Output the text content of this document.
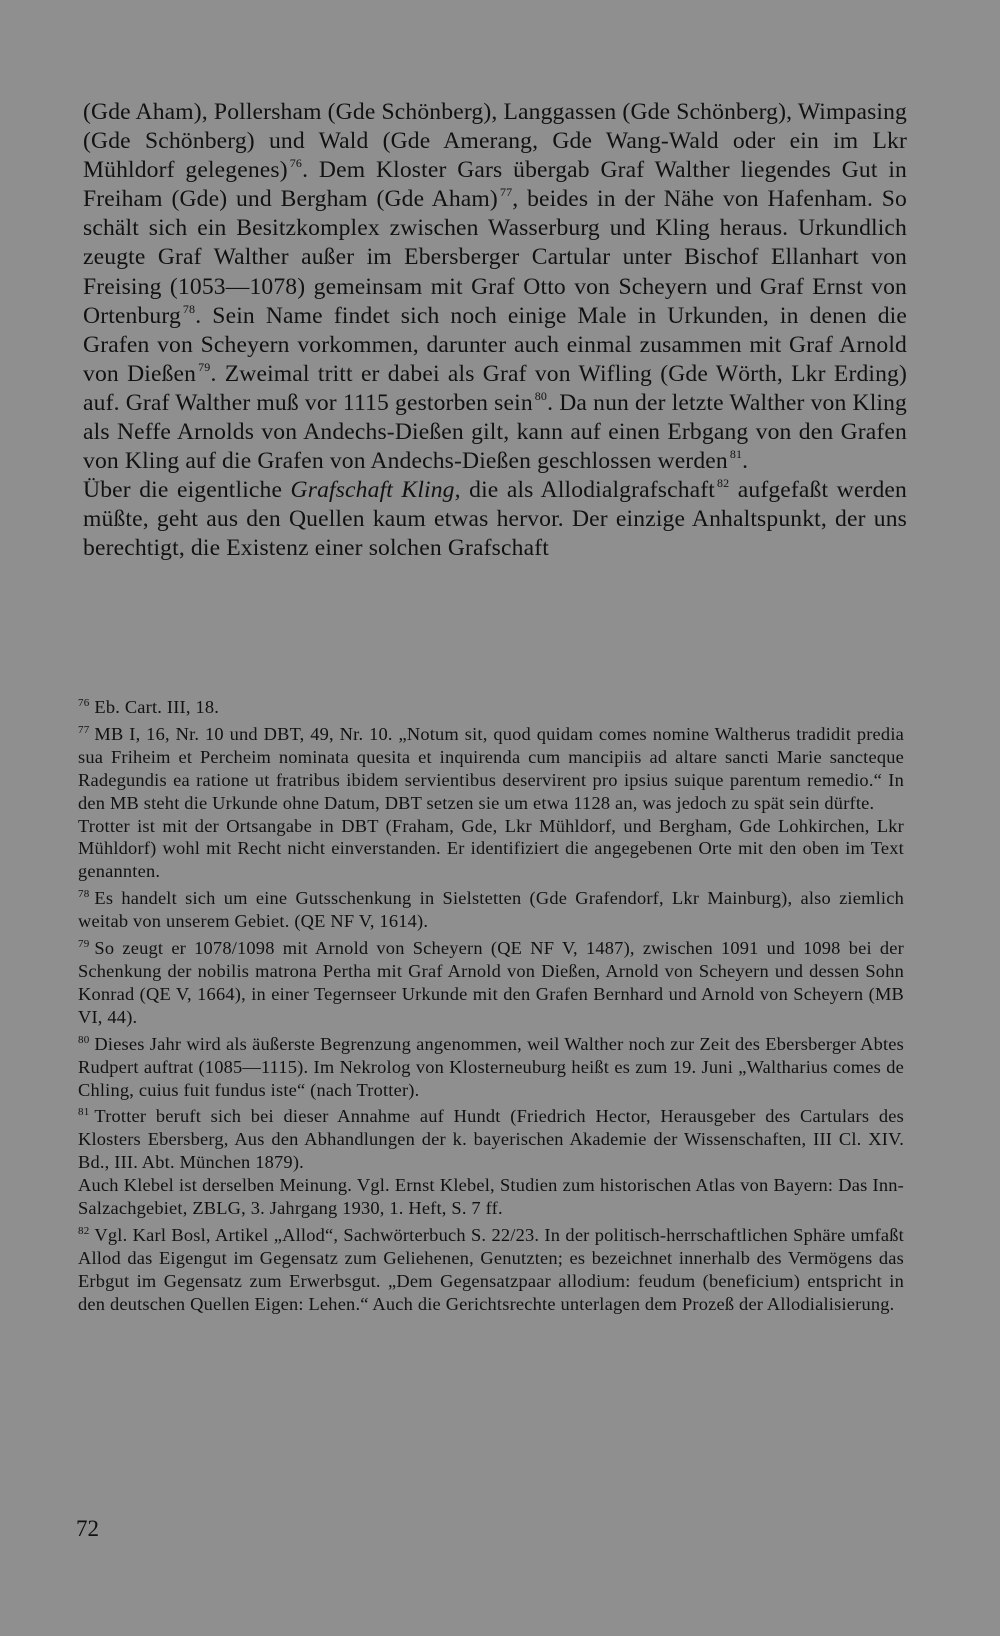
(Gde Aham), Pollersham (Gde Schönberg), Langgassen (Gde Schönberg), Wimpasing (Gde Schönberg) und Wald (Gde Amerang, Gde Wang-Wald oder ein im Lkr Mühldorf gelegenes) $^{76}$. Dem Kloster Gars übergab Graf Walther liegendes Gut in Freiham (Gde) und Bergham (Gde Aham) $^{77}$, beides in der Nähe von Hafenham. So schält sich ein Besitzkomplex zwischen Wasserburg und Kling heraus. Urkundlich zeugte Graf Walther außer im Ebersberger Cartular unter Bischof Ellanhart von Freising (1053—1078) gemeinsam mit Graf Otto von Scheyern und Graf Ernst von Ortenburg $^{78}$. Sein Name findet sich noch einige Male in Urkunden, in denen die Grafen von Scheyern vorkommen, darunter auch einmal zusammen mit Graf Arnold von Dießen $^{79}$. Zweimal tritt er dabei als Graf von Wifling (Gde Wörth, Lkr Erding) auf. Graf Walther muß vor 1115 gestorben sein $^{80}$. Da nun der letzte Walther von Kling als Neffe Arnolds von Andechs-Dießen gilt, kann auf einen Erbgang von den Grafen von Kling auf die Grafen von Andechs-Dießen geschlossen werden $^{81}$.

Über die eigentliche Grafschaft Kling, die als Allodialgrafschaft $^{82}$ aufgefaßt werden müßte, geht aus den Quellen kaum etwas hervor. Der einzige Anhaltspunkt, der uns berechtigt, die Existenz einer solchen Grafschaft

$^{76}$ Eb. Cart. III, 18.

$^{77}$ MB I, 16, Nr. 10 und DBT, 49, Nr. 10. „Notum sit, quod quidam comes nomine Waltherus tradidit predia sua Friheim et Percheim nominata quesita et inquirenda cum mancipiis ad altare sancti Marie sancteque Radegundis ea ratione ut fratribus ibidem servientibus deservirent pro ipsius suique parentum remedio.“ In den MB steht die Urkunde ohne Datum, DBT setzen sie um etwa 1128 an, was jedoch zu spät sein dürfte.

Trotter ist mit der Ortsangabe in DBT (Fraham, Gde, Lkr Mühldorf, und Bergham, Gde Lohkirchen, Lkr Mühldorf) wohl mit Recht nicht einverstanden. Er identifiziert die angegebenen Orte mit den oben im Text genannten.

$^{78}$ Es handelt sich um eine Gutsschenkung in Sielstetten (Gde Grafendorf, Lkr Mainburg), also ziemlich weitab von unserem Gebiet. (QE NF V, 1614).

$^{79}$ So zeugt er 1078/1098 mit Arnold von Scheyern (QE NF V, 1487), zwischen 1091 und 1098 bei der Schenkung der nobilis matrona Pertha mit Graf Arnold von Dießen, Arnold von Scheyern und dessen Sohn Konrad (QE V, 1664), in einer Tegernseer Urkunde mit den Grafen Bernhard und Arnold von Scheyern (MB VI, 44).

$^{80}$ Dieses Jahr wird als äußerste Begrenzung angenommen, weil Walther noch zur Zeit des Ebersberger Abtes Rudpert auftrat (1085—1115). Im Nekrolog von Klosterneuburg heißt es zum 19. Juni „Waltharius comes de Chling, cuius fuit fundus iste“ (nach Trotter).

$^{81}$ Trotter beruft sich bei dieser Annahme auf Hundt (Friedrich Hector, Herausgeber des Cartulars des Klosters Ebersberg, Aus den Abhandlungen der k. bayerischen Akademie der Wissenschaften, III Cl. XIV. Bd., III. Abt. München 1879).

Auch Klebel ist derselben Meinung. Vgl. Ernst Klebel, Studien zum historischen Atlas von Bayern: Das Inn-Salzachgebiet, ZBLG, 3. Jahrgang 1930, 1. Heft, S. 7 ff.

$^{82}$ Vgl. Karl Bosl, Artikel „Allod“, Sachwörterbuch S. 22/23. In der politisch-herrschaftlichen Sphäre umfaßt Allod das Eigengut im Gegensatz zum Geliehenen, Genutzten; es bezeichnet innerhalb des Vermögens das Erbgut im Gegensatz zum Erwerbsgut. „Dem Gegensatzpaar allodium: feudum (beneficium) entspricht in den deutschen Quellen Eigen: Lehen.“ Auch die Gerichtsrechte unterlagen dem Prozeß der Allodialisierung.

72
